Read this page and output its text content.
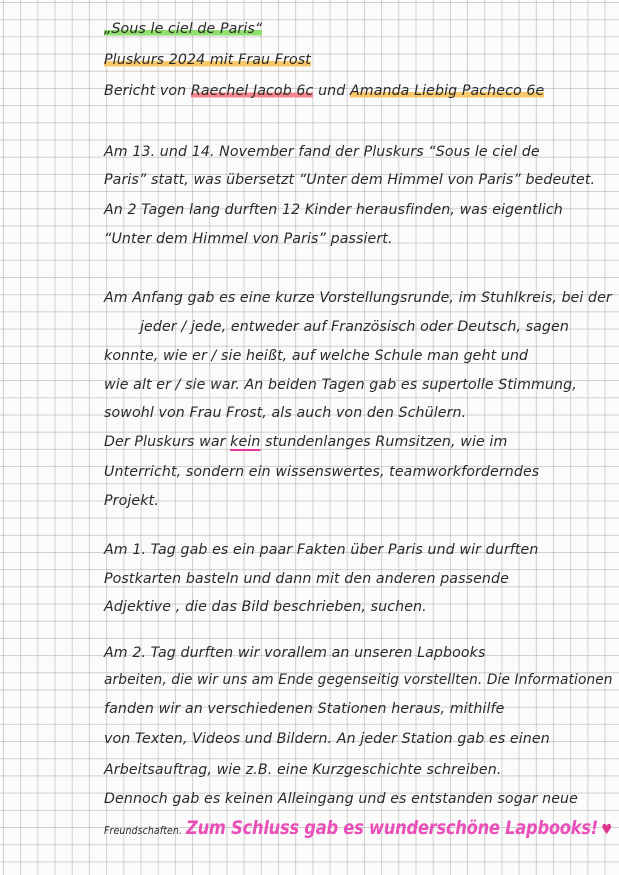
„Sous le ciel de Paris“
Pluskurs 2024 mit Frau Frost
Bericht von Raechel Jacob 6c und Amanda Liebig Pacheco 6e
Am 13. und 14. November fand der Pluskurs “Sous le ciel de
Paris” statt, was übersetzt “Unter dem Himmel von Paris” bedeutet.
An 2 Tagen lang durften 12 Kinder herausfinden, was eigentlich
“Unter dem Himmel von Paris” passiert.
Am Anfang gab es eine kurze Vorstellungsrunde, im Stuhlkreis, bei der
jeder / jede, entweder auf Französisch oder Deutsch, sagen
konnte, wie er / sie heißt, auf welche Schule man geht und
wie alt er / sie war. An beiden Tagen gab es supertolle Stimmung,
sowohl von Frau Frost, als auch von den Schülern.
Der Pluskurs war kein stundenlanges Rumsitzen, wie im
Unterricht, sondern ein wissenswertes, teamworkforderndes
Projekt.
Am 1. Tag gab es ein paar Fakten über Paris und wir durften
Postkarten basteln und dann mit den anderen passende
Adjektive , die das Bild beschrieben, suchen.
Am 2. Tag durften wir vorallem an unseren Lapbooks
arbeiten, die wir uns am Ende gegenseitig vorstellten. Die Informationen
fanden wir an verschiedenen Stationen heraus, mithilfe
von Texten, Videos und Bildern. An jeder Station gab es einen
Arbeitsauftrag, wie z.B. eine Kurzgeschichte schreiben.
Dennoch gab es keinen Alleingang und es entstanden sogar neue
Freundschaften. Zum Schluss gab es wunderschöne Lapbooks! ♥
